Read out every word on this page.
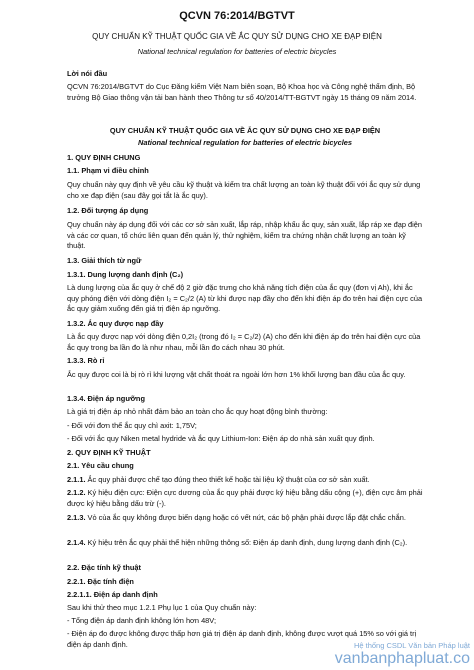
QCVN 76:2014/BGTVT
QUY CHUẨN KỸ THUẬT QUỐC GIA VỀ ẮC QUY SỬ DỤNG CHO XE ĐẠP ĐIỆN
National technical regulation for batteries of electric bicycles
Lời nói đầu
QCVN 76:2014/BGTVT do Cục Đăng kiểm Việt Nam biên soạn, Bộ Khoa học và Công nghệ thẩm định, Bộ trưởng Bộ Giao thông vận tải ban hành theo Thông tư số 40/2014/TT-BGTVT ngày 15 tháng 09 năm 2014.
QUY CHUẨN KỸ THUẬT QUỐC GIA VỀ ẮC QUY SỬ DỤNG CHO XE ĐẠP ĐIỆN
National technical regulation for batteries of electric bicycles
1. QUY ĐỊNH CHUNG
1.1. Phạm vi điều chỉnh
Quy chuẩn này quy định về yêu cầu kỹ thuật và kiểm tra chất lượng an toàn kỹ thuật đối với ắc quy sử dụng cho xe đạp điện (sau đây gọi tắt là ắc quy).
1.2. Đối tượng áp dụng
Quy chuẩn này áp dụng đối với các cơ sở sản xuất, lắp ráp, nhập khẩu ắc quy, sản xuất, lắp ráp xe đạp điện và các cơ quan, tổ chức liên quan đến quản lý, thử nghiệm, kiểm tra chứng nhận chất lượng an toàn kỹ thuật.
1.3. Giải thích từ ngữ
1.3.1. Dung lượng danh định (C₂)
Là dung lượng của ắc quy ở chế độ 2 giờ đặc trưng cho khả năng tích điện của ắc quy (đơn vị Ah), khi ắc quy phóng điện với dòng điện I₂ = C₂/2 (A) từ khi được nạp đầy cho đến khi điện áp đo trên hai điện cực của ắc quy giảm xuống đến giá trị điện áp ngưỡng.
1.3.2. Ắc quy được nạp đầy
Là ắc quy được nạp với dòng điện 0,2I₂ (trong đó I₂ = C₂/2) (A) cho đến khi điện áp đo trên hai điện cực của ắc quy trong ba lần đo là như nhau, mỗi lần đo cách nhau 30 phút.
1.3.3. Rò rỉ
Ắc quy được coi là bị rò rỉ khi lượng vật chất thoát ra ngoài lớn hơn 1% khối lượng ban đầu của ắc quy.
1.3.4. Điện áp ngưỡng
Là giá trị điện áp nhỏ nhất đảm bảo an toàn cho ắc quy hoạt động bình thường:
- Đối với đơn thể ắc quy chì axit: 1,75V;
- Đối với ắc quy Niken metal hydride và ắc quy Lithium-Ion: Điện áp do nhà sản xuất quy định.
2. QUY ĐỊNH KỸ THUẬT
2.1. Yêu cầu chung
2.1.1. Ắc quy phải được chế tạo đúng theo thiết kế hoặc tài liệu kỹ thuật của cơ sở sản xuất.
2.1.2. Ký hiệu điện cực: Điện cực dương của ắc quy phải được ký hiệu bằng dấu cộng (+), điện cực âm phải được ký hiệu bằng dấu trừ (-).
2.1.3. Vỏ của ắc quy không được biến dạng hoặc có vết nứt, các bộ phận phải được lắp đặt chắc chắn.
2.1.4. Ký hiệu trên ắc quy phải thể hiện những thông số: Điện áp danh định, dung lượng danh định (C₂).
2.2. Đặc tính kỹ thuật
2.2.1. Đặc tính điện
2.2.1.1. Điện áp danh định
Sau khi thử theo mục 1.2.1 Phụ lục 1 của Quy chuẩn này:
- Tổng điện áp danh định không lớn hơn 48V;
- Điện áp đo được không được thấp hơn giá trị điện áp danh định, không được vượt quá 15% so với giá trị điện áp danh định.	Hệ thống CSDL Văn bản Pháp luật
vanbanphapluat.co
